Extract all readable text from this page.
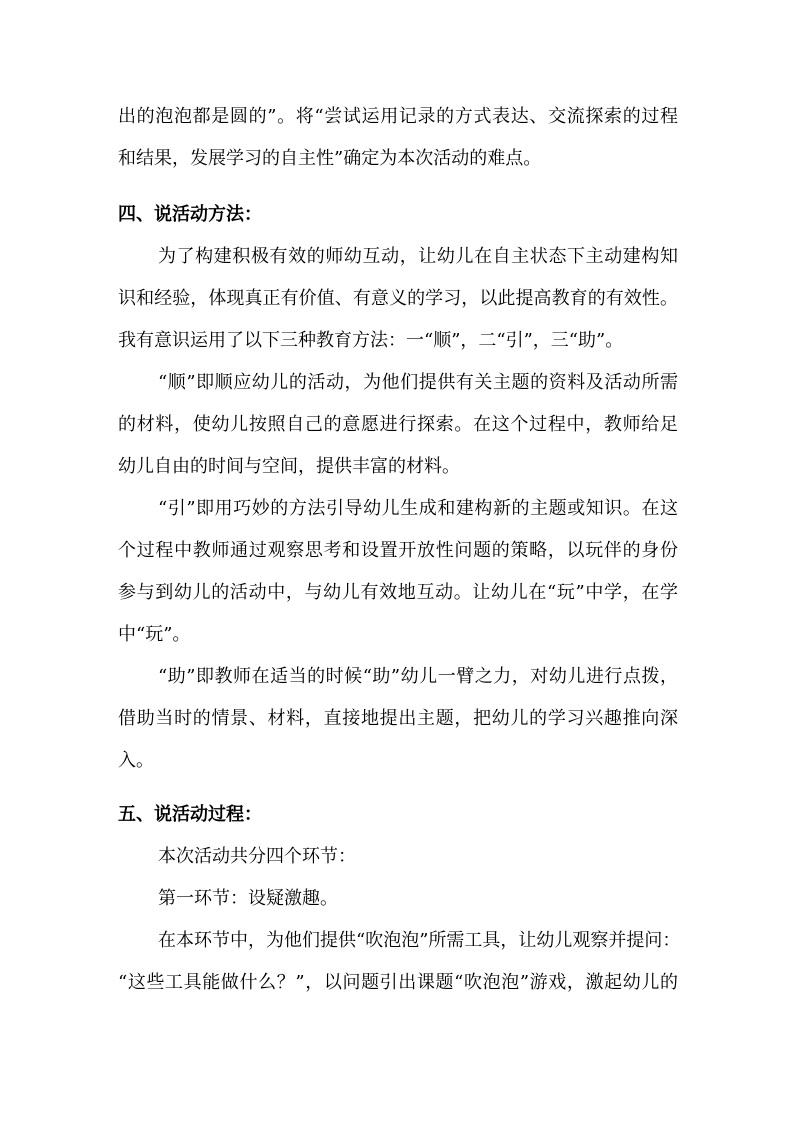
出的泡泡都是圆的”。将“尝试运用记录的方式表达、交流探索的过程
和结果，发展学习的自主性”确定为本次活动的难点。
四、说活动方法：
为了构建积极有效的师幼互动，让幼儿在自主状态下主动建构知
识和经验，体现真正有价值、有意义的学习，以此提高教育的有效性。
我有意识运用了以下三种教育方法：一“顺”，二“引”，三“助”。
“顺”即顺应幼儿的活动，为他们提供有关主题的资料及活动所需
的材料，使幼儿按照自己的意愿进行探索。在这个过程中，教师给足
幼儿自由的时间与空间，提供丰富的材料。
“引”即用巧妙的方法引导幼儿生成和建构新的主题或知识。在这
个过程中教师通过观察思考和设置开放性问题的策略，以玩伴的身份
参与到幼儿的活动中，与幼儿有效地互动。让幼儿在“玩”中学，在学
中“玩”。
“助”即教师在适当的时候“助”幼儿一臂之力，对幼儿进行点拨，
借助当时的情景、材料，直接地提出主题，把幼儿的学习兴趣推向深
入。
五、说活动过程：
本次活动共分四个环节：
第一环节：设疑激趣。
在本环节中，为他们提供“吹泡泡”所需工具，让幼儿观察并提问：
“这些工具能做什么？”，以问题引出课题“吹泡泡”游戏，激起幼儿的
